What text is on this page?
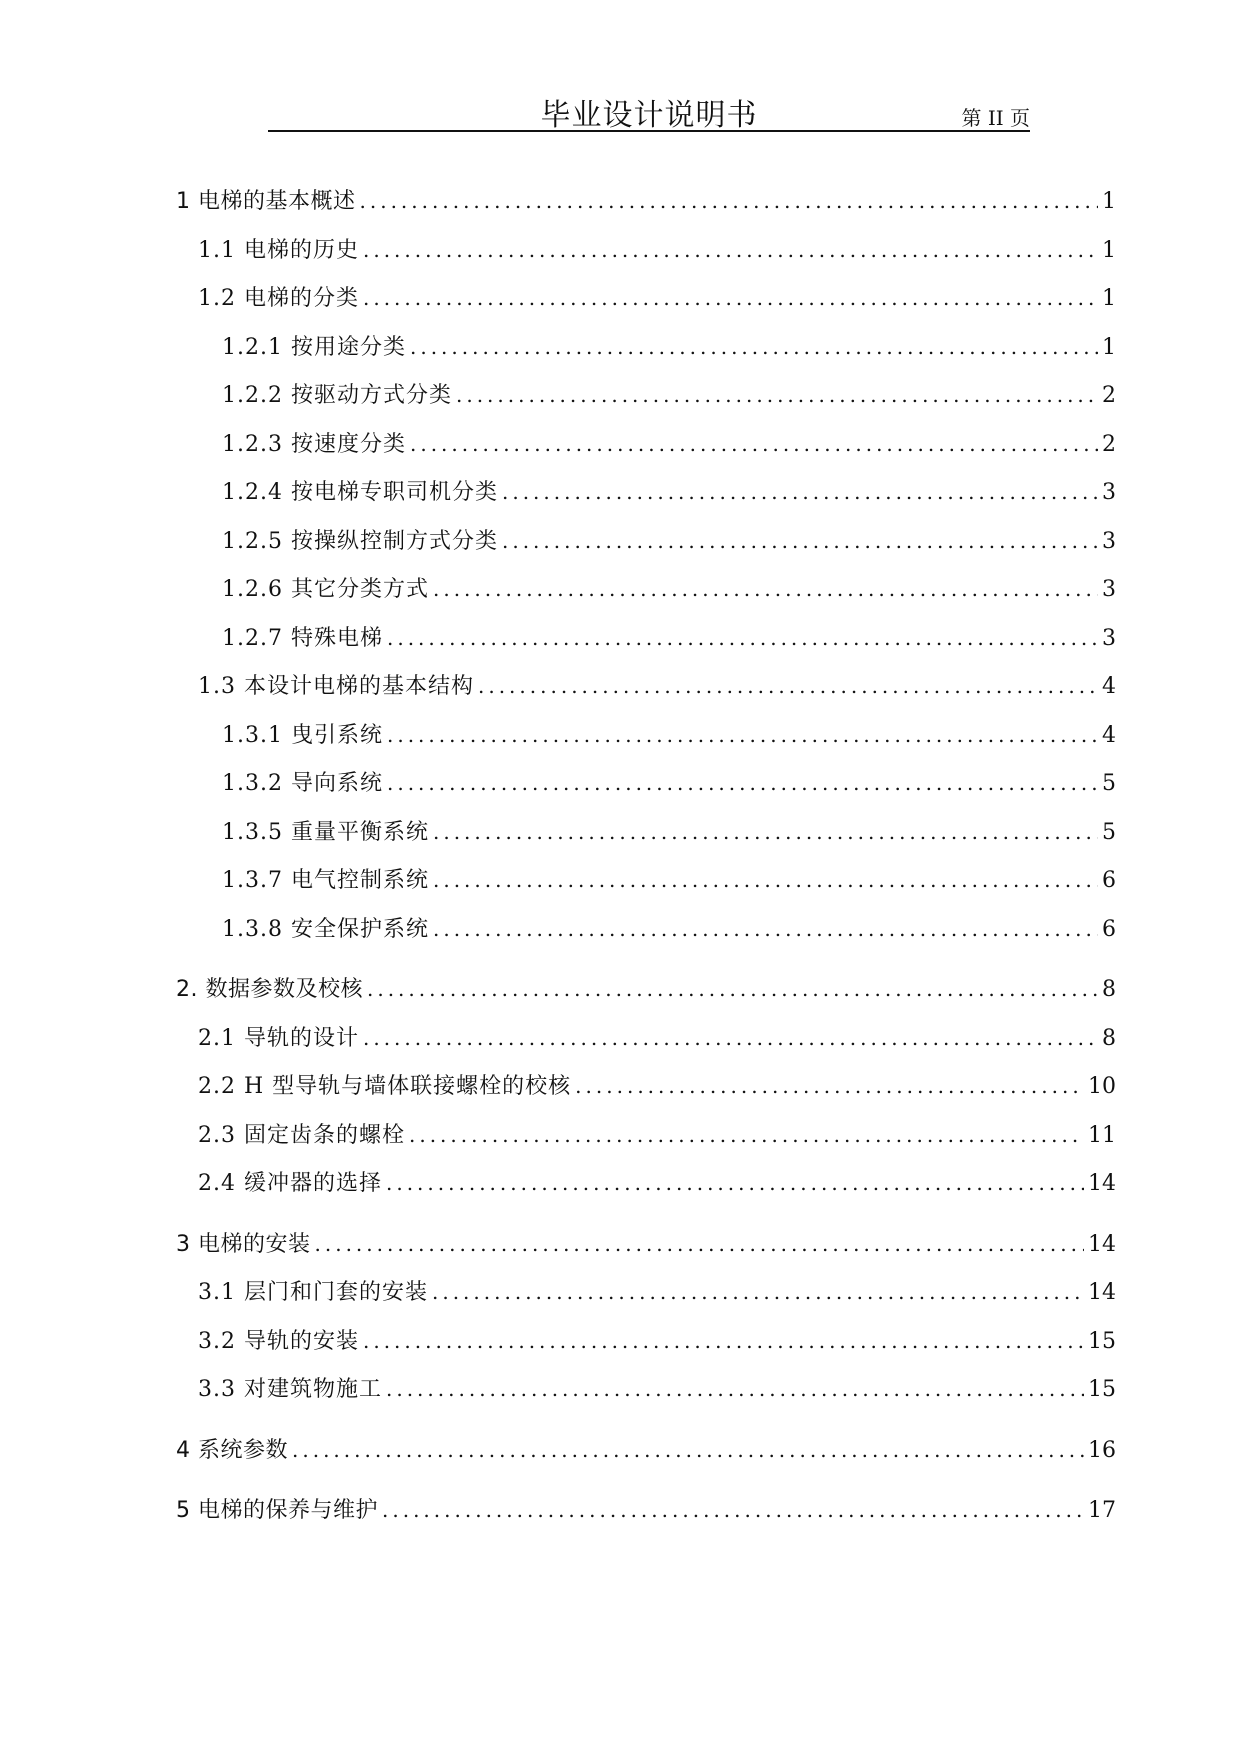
毕业设计说明书	第 II 页
1 电梯的基本概述 .....	1
1.1 电梯的历史 .....	1
1.2 电梯的分类 .....	1
1.2.1 按用途分类 .....	1
1.2.2 按驱动方式分类 .....	2
1.2.3 按速度分类 .....	2
1.2.4 按电梯专职司机分类 .....	3
1.2.5 按操纵控制方式分类 .....	3
1.2.6 其它分类方式 .....	3
1.2.7 特殊电梯 .....	3
1.3 本设计电梯的基本结构 .....	4
1.3.1 曳引系统 .....	4
1.3.2 导向系统 .....	5
1.3.5 重量平衡系统 .....	5
1.3.7 电气控制系统 .....	6
1.3.8 安全保护系统 .....	6
2. 数据参数及校核 .....	8
2.1 导轨的设计 .....	8
2.2 H 型导轨与墙体联接螺栓的校核 .....	10
2.3 固定齿条的螺栓 .....	11
2.4 缓冲器的选择 .....	14
3 电梯的安装 .....	14
3.1 层门和门套的安装 .....	14
3.2 导轨的安装 .....	15
3.3 对建筑物施工 .....	15
4 系统参数 .....	16
5 电梯的保养与维护 .....	17
